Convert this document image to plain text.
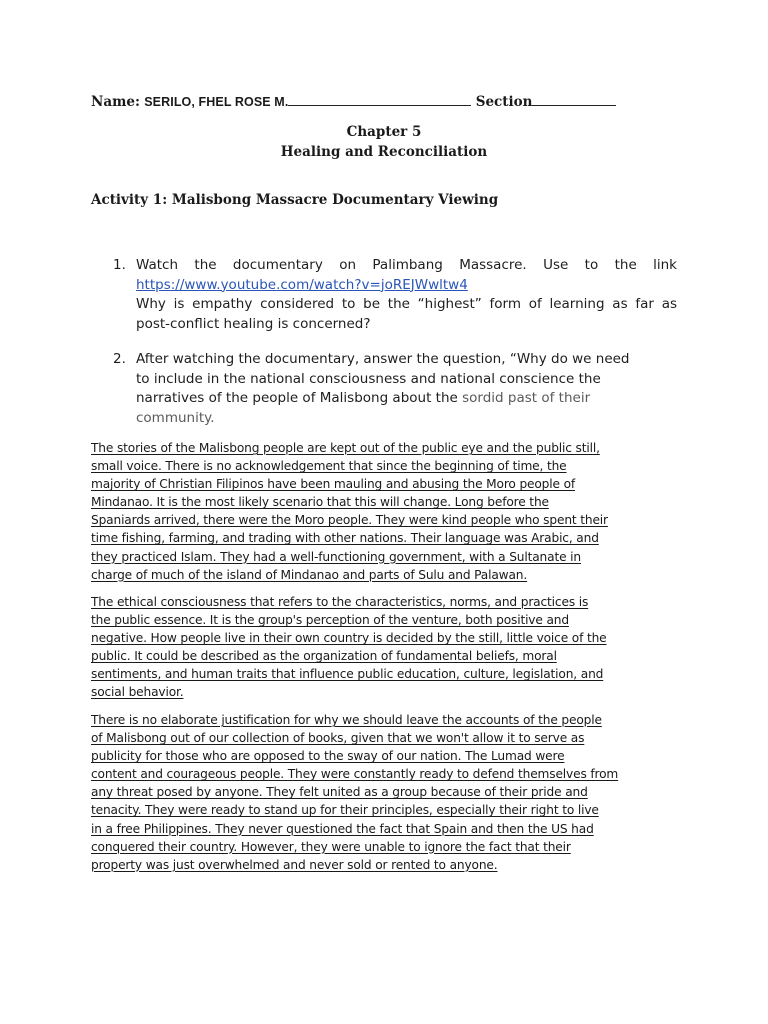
Name: SERILO, FHEL ROSE M.	Section
Chapter 5
Healing and Reconciliation
Activity 1: Malisbong Massacre Documentary Viewing
1. Watch the documentary on Palimbang Massacre. Use to the link
https://www.youtube.com/watch?v=joREJWwltw4
Why is empathy considered to be the “highest” form of learning as far as
post-conflict healing is concerned?
2. After watching the documentary, answer the question, “Why do we need
to include in the national consciousness and national conscience the
narratives of the people of Malisbong about the sordid past of their
community.
The stories of the Malisbong people are kept out of the public eye and the public still,
small voice. There is no acknowledgement that since the beginning of time, the
majority of Christian Filipinos have been mauling and abusing the Moro people of
Mindanao. It is the most likely scenario that this will change. Long before the
Spaniards arrived, there were the Moro people. They were kind people who spent their
time fishing, farming, and trading with other nations. Their language was Arabic, and
they practiced Islam. They had a well-functioning government, with a Sultanate in
charge of much of the island of Mindanao and parts of Sulu and Palawan.
The ethical consciousness that refers to the characteristics, norms, and practices is
the public essence. It is the group's perception of the venture, both positive and
negative. How people live in their own country is decided by the still, little voice of the
public. It could be described as the organization of fundamental beliefs, moral
sentiments, and human traits that influence public education, culture, legislation, and
social behavior.
There is no elaborate justification for why we should leave the accounts of the people
of Malisbong out of our collection of books, given that we won't allow it to serve as
publicity for those who are opposed to the sway of our nation. The Lumad were
content and courageous people. They were constantly ready to defend themselves from
any threat posed by anyone. They felt united as a group because of their pride and
tenacity. They were ready to stand up for their principles, especially their right to live
in a free Philippines. They never questioned the fact that Spain and then the US had
conquered their country. However, they were unable to ignore the fact that their
property was just overwhelmed and never sold or rented to anyone.
